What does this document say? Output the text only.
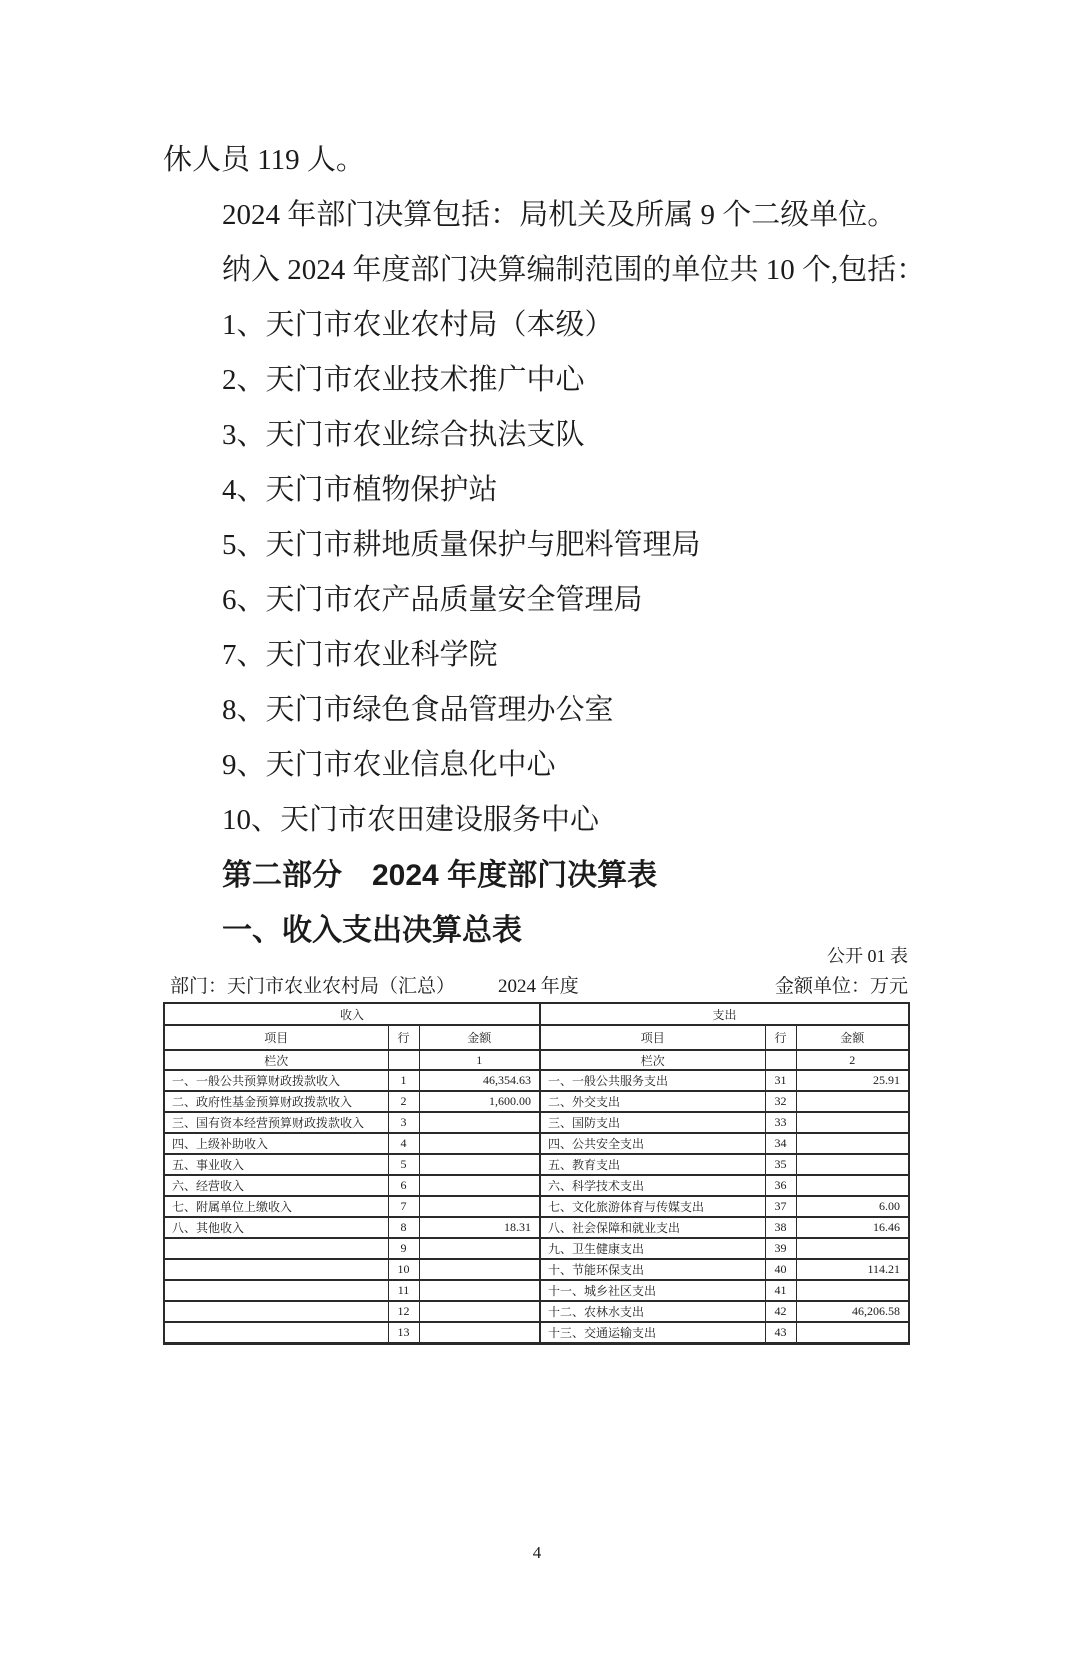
休人员 119 人。
2024 年部门决算包括：局机关及所属 9 个二级单位。
纳入 2024 年度部门决算编制范围的单位共 10 个,包括：
1、天门市农业农村局（本级）
2、天门市农业技术推广中心
3、天门市农业综合执法支队
4、天门市植物保护站
5、天门市耕地质量保护与肥料管理局
6、天门市农产品质量安全管理局
7、天门市农业科学院
8、天门市绿色食品管理办公室
9、天门市农业信息化中心
10、天门市农田建设服务中心
第二部分　2024 年度部门决算表
一、收入支出决算总表
公开 01 表
部门：天门市农业农村局（汇总） 2024 年度	金额单位：万元
收入			支出		
项目	行	金额	项目	行	金额
栏次		1	栏次		2
一、一般公共预算财政拨款收入	1	46,354.63	一、一般公共服务支出	31	25.91
二、政府性基金预算财政拨款收入	2	1,600.00	二、外交支出	32	
三、国有资本经营预算财政拨款收入	3		三、国防支出	33	
四、上级补助收入	4		四、公共安全支出	34	
五、事业收入	5		五、教育支出	35	
六、经营收入	6		六、科学技术支出	36	
七、附属单位上缴收入	7		七、文化旅游体育与传媒支出	37	6.00
八、其他收入	8	18.31	八、社会保障和就业支出	38	16.46
	9		九、卫生健康支出	39	
	10		十、节能环保支出	40	114.21
	11		十一、城乡社区支出	41	
	12		十二、农林水支出	42	46,206.58
	13		十三、交通运输支出	43	
4
